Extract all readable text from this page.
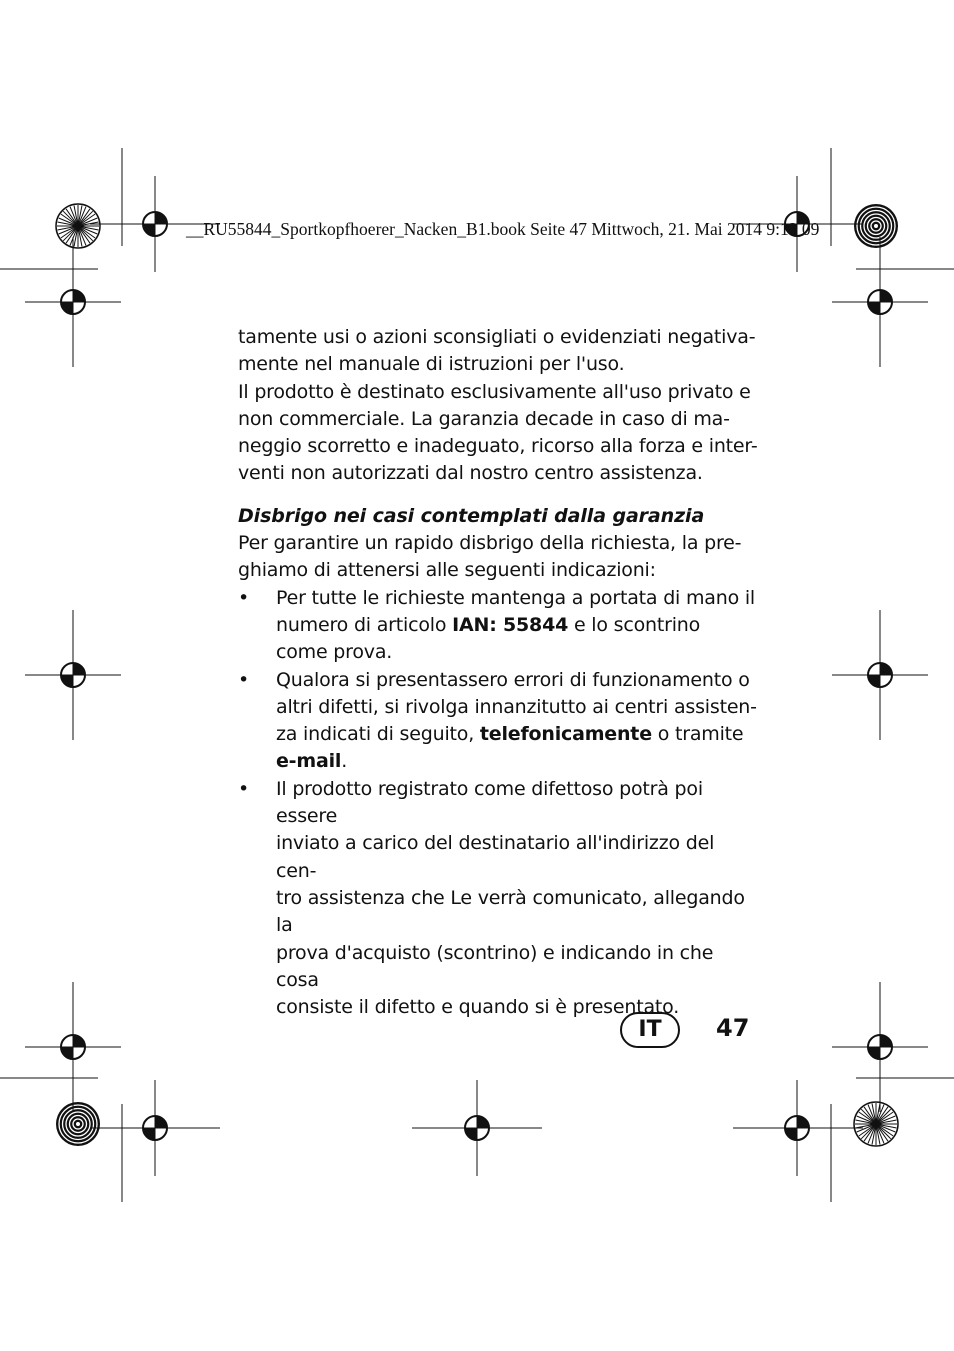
__RU55844_Sportkopfhoerer_Nacken_B1.book Seite 47 Mittwoch, 21. Mai 2014 9:13 09

tamente usi o azioni sconsigliati o evidenziati negativa-
mente nel manuale di istruzioni per l'uso.

Il prodotto è destinato esclusivamente all'uso privato e
non commerciale. La garanzia decade in caso di ma-
neggio scorretto e inadeguato, ricorso alla forza e inter-
venti non autorizzati dal nostro centro assistenza.

Disbrigo nei casi contemplati dalla garanzia

Per garantire un rapido disbrigo della richiesta, la pre-
ghiamo di attenersi alle seguenti indicazioni:

• Per tutte le richieste mantenga a portata di mano il
numero di articolo IAN: 55844 e lo scontrino
come prova.
• Qualora si presentassero errori di funzionamento o
altri difetti, si rivolga innanzitutto ai centri assisten-
za indicati di seguito, telefonicamente o tramite
e-mail.
• Il prodotto registrato come difettoso potrà poi essere
inviato a carico del destinatario all'indirizzo del cen-
tro assistenza che Le verrà comunicato, allegando la
prova d'acquisto (scontrino) e indicando in che cosa
consiste il difetto e quando si è presentato.
IT	47
